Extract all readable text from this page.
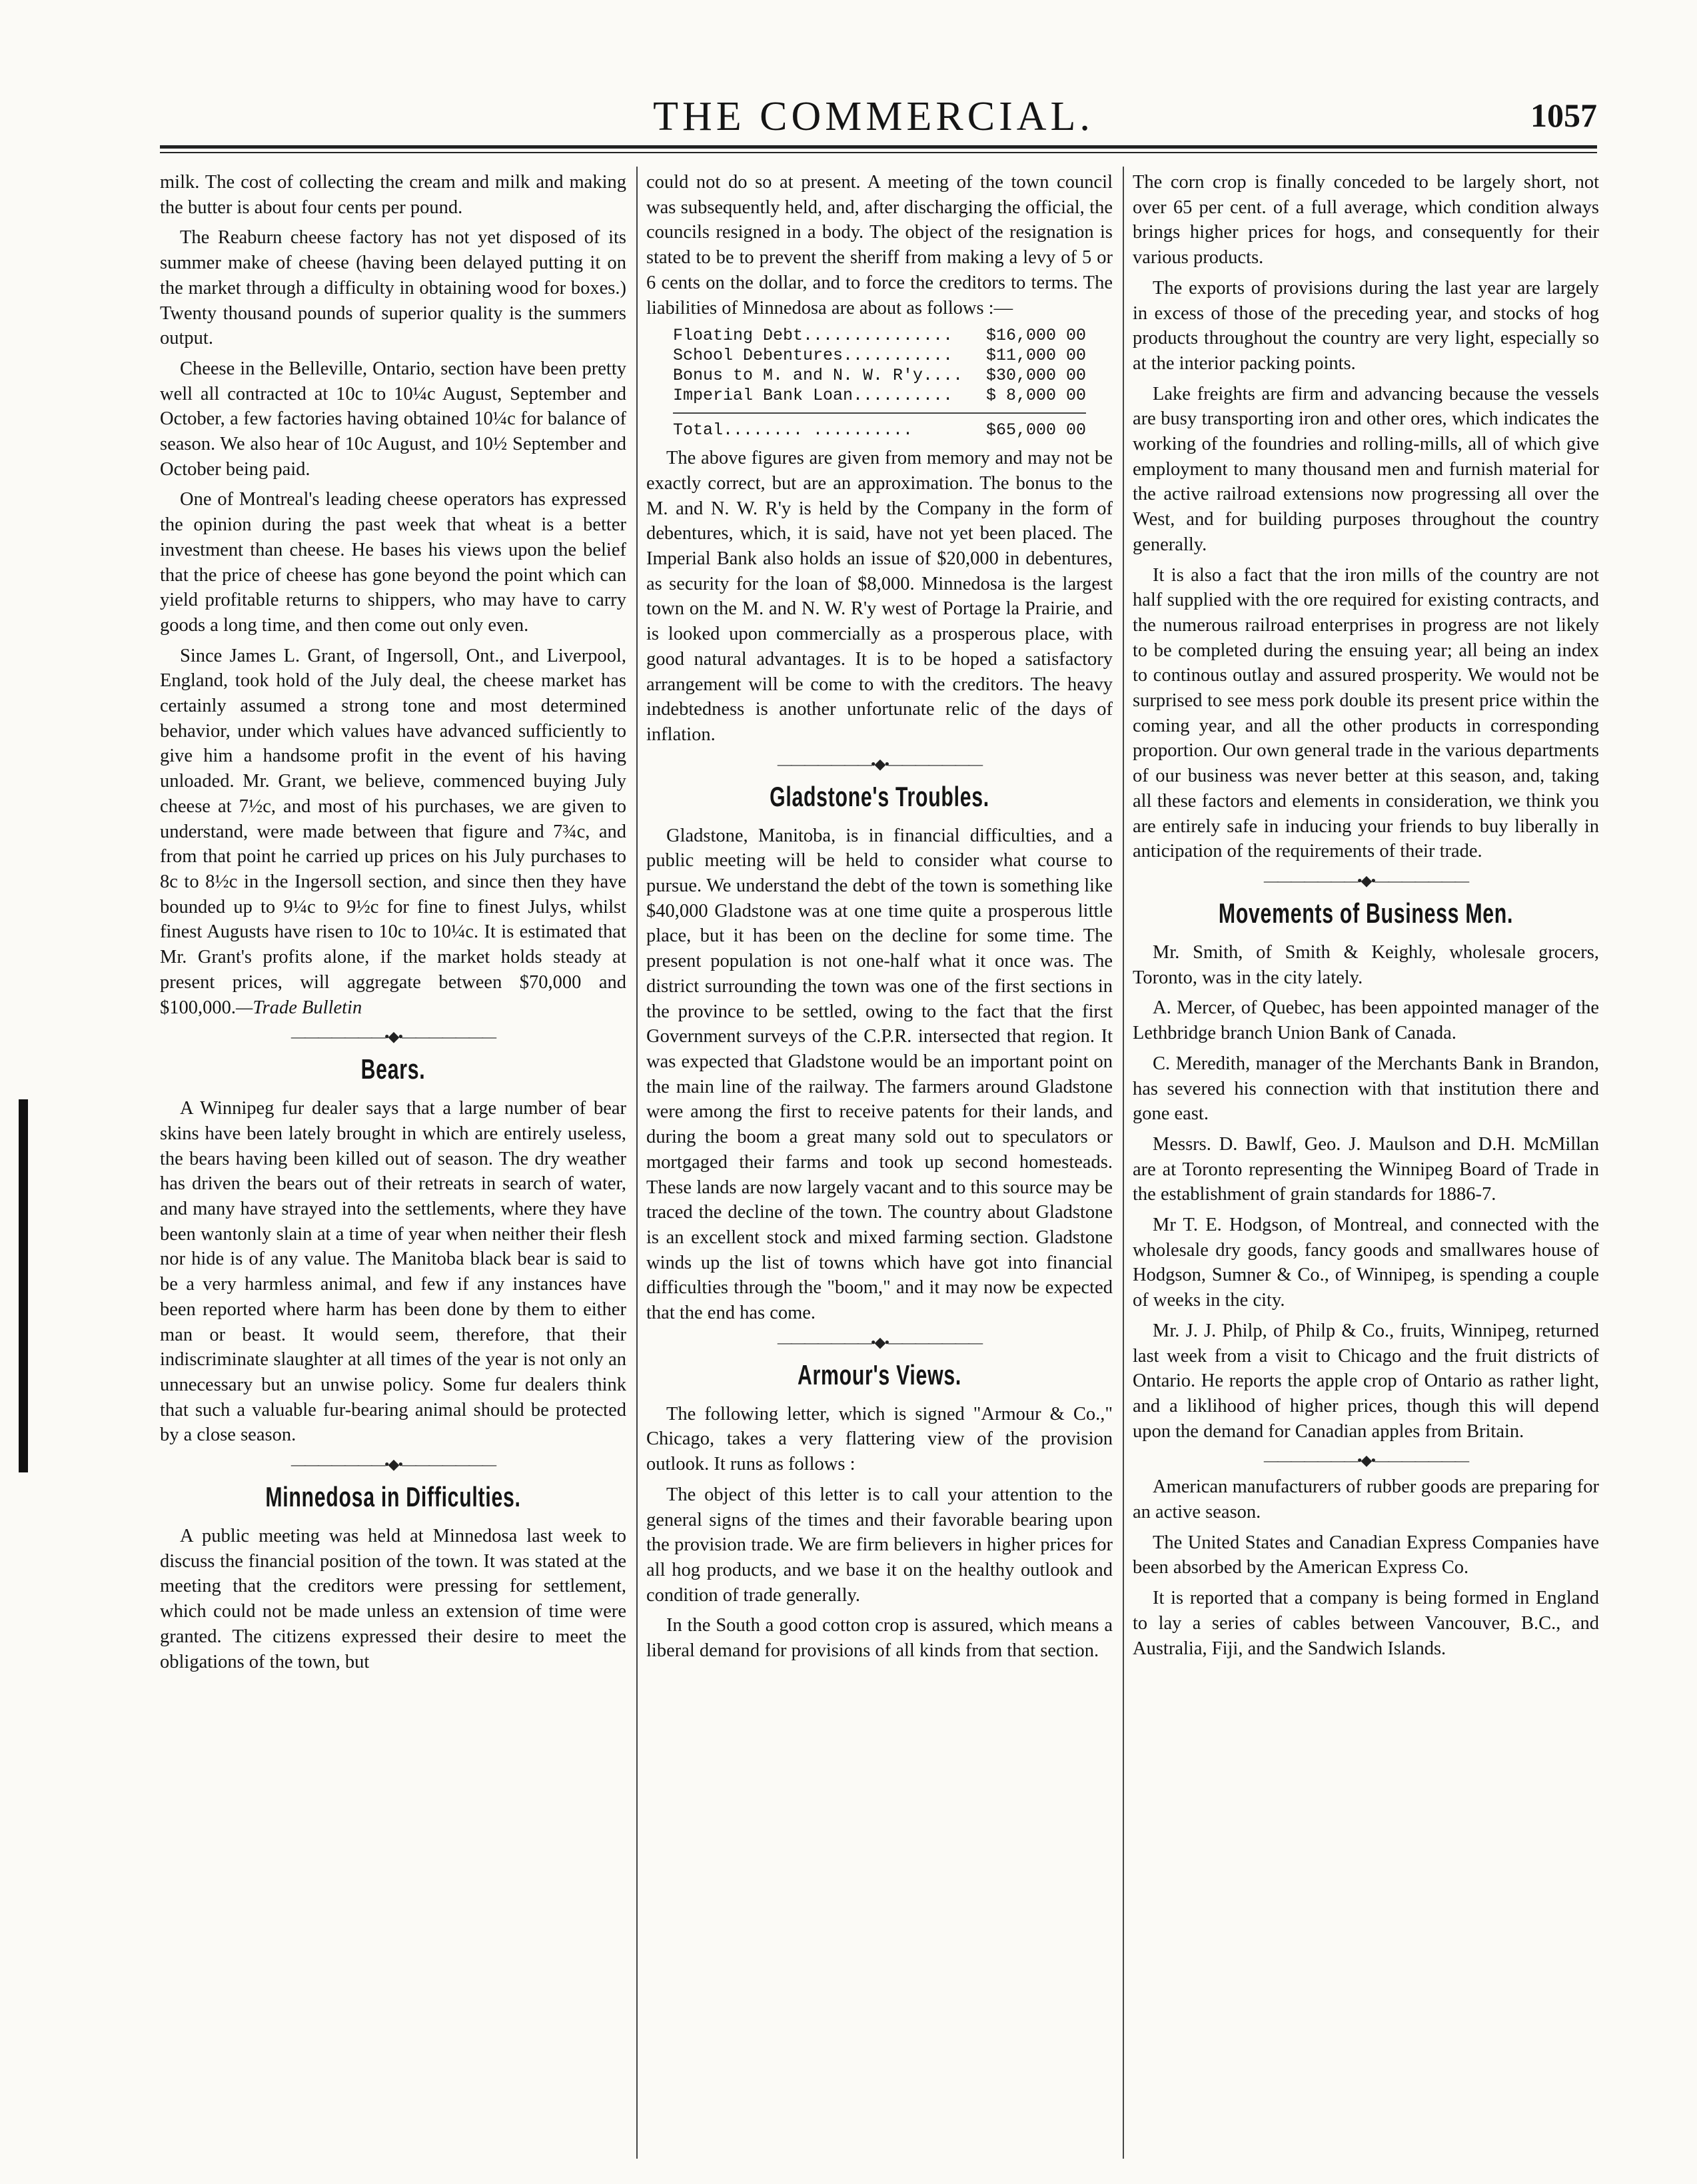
THE COMMERCIAL.	1057

milk. The cost of collecting the cream and milk and making the butter is about four cents per pound.

The Reaburn cheese factory has not yet disposed of its summer make of cheese (having been delayed putting it on the market through a difficulty in obtaining wood for boxes.) Twenty thousand pounds of superior quality is the summers output.

Cheese in the Belleville, Ontario, section have been pretty well all contracted at 10c to 10¼c August, September and October, a few factories having obtained 10¼c for balance of season. We also hear of 10c August, and 10½ September and October being paid.

One of Montreal's leading cheese operators has expressed the opinion during the past week that wheat is a better investment than cheese. He bases his views upon the belief that the price of cheese has gone beyond the point which can yield profitable returns to shippers, who may have to carry goods a long time, and then come out only even.

Since James L. Grant, of Ingersoll, Ont., and Liverpool, England, took hold of the July deal, the cheese market has certainly assumed a strong tone and most determined behavior, under which values have advanced sufficiently to give him a handsome profit in the event of his having unloaded. Mr. Grant, we believe, commenced buying July cheese at 7½c, and most of his purchases, we are given to understand, were made between that figure and 7¾c, and from that point he carried up prices on his July purchases to 8c to 8½c in the Ingersoll section, and since then they have bounded up to 9¼c to 9½c for fine to finest Julys, whilst finest Augusts have risen to 10c to 10¼c. It is estimated that Mr. Grant's profits alone, if the market holds steady at present prices, will aggregate between $70,000 and $100,000.—Trade Bulletin

———————•◆•———————
Bears.

A Winnipeg fur dealer says that a large number of bear skins have been lately brought in which are entirely useless, the bears having been killed out of season. The dry weather has driven the bears out of their retreats in search of water, and many have strayed into the settlements, where they have been wantonly slain at a time of year when neither their flesh nor hide is of any value. The Manitoba black bear is said to be a very harmless animal, and few if any instances have been reported where harm has been done by them to either man or beast. It would seem, therefore, that their indiscriminate slaughter at all times of the year is not only an unnecessary but an unwise policy. Some fur dealers think that such a valuable fur-bearing animal should be protected by a close season.

———————•◆•———————
Minnedosa in Difficulties.

A public meeting was held at Minnedosa last week to discuss the financial position of the town. It was stated at the meeting that the creditors were pressing for settlement, which could not be made unless an extension of time were granted. The citizens expressed their desire to meet the obligations of the town, but

could not do so at present. A meeting of the town council was subsequently held, and, after discharging the official, the councils resigned in a body. The object of the resignation is stated to be to prevent the sheriff from making a levy of 5 or 6 cents on the dollar, and to force the creditors to terms. The liabilities of Minnedosa are about as follows :—

Floating Debt............... $16,000 00
School Debentures........... $11,000 00
Bonus to M. and N. W. R'y.... $30,000 00
Imperial Bank Loan.......... $ 8,000 00
Total........ ..........	$65,000 00

The above figures are given from memory and may not be exactly correct, but are an approximation. The bonus to the M. and N. W. R'y is held by the Company in the form of debentures, which, it is said, have not yet been placed. The Imperial Bank also holds an issue of $20,000 in debentures, as security for the loan of $8,000. Minnedosa is the largest town on the M. and N. W. R'y west of Portage la Prairie, and is looked upon commercially as a prosperous place, with good natural advantages. It is to be hoped a satisfactory arrangement will be come to with the creditors. The heavy indebtedness is another unfortunate relic of the days of inflation.

———————•◆•———————
Gladstone's Troubles.

Gladstone, Manitoba, is in financial difficulties, and a public meeting will be held to consider what course to pursue. We understand the debt of the town is something like $40,000 Gladstone was at one time quite a prosperous little place, but it has been on the decline for some time. The present population is not one-half what it once was. The district surrounding the town was one of the first sections in the province to be settled, owing to the fact that the first Government surveys of the C.P.R. intersected that region. It was expected that Gladstone would be an important point on the main line of the railway. The farmers around Gladstone were among the first to receive patents for their lands, and during the boom a great many sold out to speculators or mortgaged their farms and took up second homesteads. These lands are now largely vacant and to this source may be traced the decline of the town. The country about Gladstone is an excellent stock and mixed farming section. Gladstone winds up the list of towns which have got into financial difficulties through the "boom," and it may now be expected that the end has come.

———————•◆•———————
Armour's Views.

The following letter, which is signed "Armour & Co.," Chicago, takes a very flattering view of the provision outlook. It runs as follows :

The object of this letter is to call your attention to the general signs of the times and their favorable bearing upon the provision trade. We are firm believers in higher prices for all hog products, and we base it on the healthy outlook and condition of trade generally.

In the South a good cotton crop is assured, which means a liberal demand for provisions of all kinds from that section.

The corn crop is finally conceded to be largely short, not over 65 per cent. of a full average, which condition always brings higher prices for hogs, and consequently for their various products.

The exports of provisions during the last year are largely in excess of those of the preceding year, and stocks of hog products throughout the country are very light, especially so at the interior packing points.

Lake freights are firm and advancing because the vessels are busy transporting iron and other ores, which indicates the working of the foundries and rolling-mills, all of which give employment to many thousand men and furnish material for the active railroad extensions now progressing all over the West, and for building purposes throughout the country generally.

It is also a fact that the iron mills of the country are not half supplied with the ore required for existing contracts, and the numerous railroad enterprises in progress are not likely to be completed during the ensuing year; all being an index to continous outlay and assured prosperity. We would not be surprised to see mess pork double its present price within the coming year, and all the other products in corresponding proportion. Our own general trade in the various departments of our business was never better at this season, and, taking all these factors and elements in consideration, we think you are entirely safe in inducing your friends to buy liberally in anticipation of the requirements of their trade.

———————•◆•———————
Movements of Business Men.

Mr. Smith, of Smith & Keighly, wholesale grocers, Toronto, was in the city lately.

A. Mercer, of Quebec, has been appointed manager of the Lethbridge branch Union Bank of Canada.

C. Meredith, manager of the Merchants Bank in Brandon, has severed his connection with that institution there and gone east.

Messrs. D. Bawlf, Geo. J. Maulson and D.H. McMillan are at Toronto representing the Winnipeg Board of Trade in the establishment of grain standards for 1886-7.

Mr T. E. Hodgson, of Montreal, and connected with the wholesale dry goods, fancy goods and smallwares house of Hodgson, Sumner & Co., of Winnipeg, is spending a couple of weeks in the city.

Mr. J. J. Philp, of Philp & Co., fruits, Winnipeg, returned last week from a visit to Chicago and the fruit districts of Ontario. He reports the apple crop of Ontario as rather light, and a liklihood of higher prices, though this will depend upon the demand for Canadian apples from Britain.

———————•◆•———————

American manufacturers of rubber goods are preparing for an active season.

The United States and Canadian Express Companies have been absorbed by the American Express Co.

It is reported that a company is being formed in England to lay a series of cables between Vancouver, B.C., and Australia, Fiji, and the Sandwich Islands.
